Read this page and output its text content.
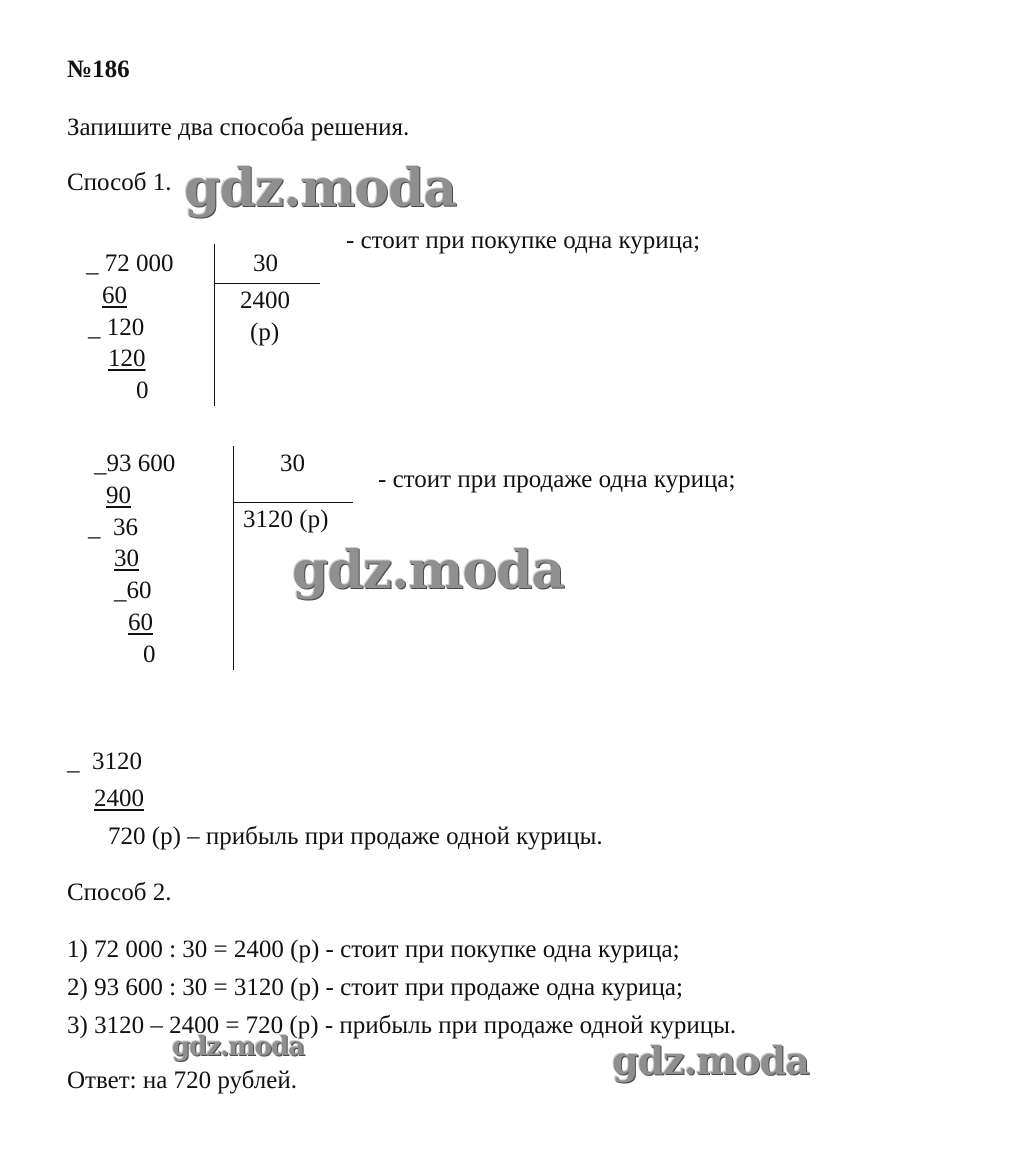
№186
Запишите два способа решения.
Способ 1.
_ 72 000	30
2400
(р)
60
_ 120
120
0
- стоит при покупке одна курица;
_93 600	30
3120 (р)
90
_  36
30
_60
60
0
- стоит при продаже одна курица;
_  3120
2400
720 (р) – прибыль при продаже одной курицы.
Способ 2.
1) 72 000 : 30 = 2400 (р) - стоит при покупке одна курица;
2) 93 600 : 30 = 3120 (р) - стоит при продаже одна курица;
3) 3120 – 2400 = 720 (р) - прибыль при продаже одной курицы.
Ответ: на 720 рублей.
gdz.moda
gdz.moda
gdz.moda	gdz.moda
